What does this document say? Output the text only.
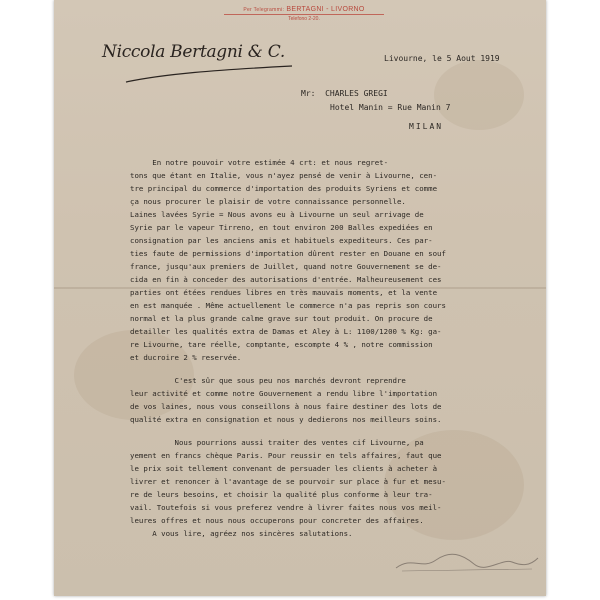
Per Telegrammi: BERTAGNI - LIVORNO
Telefono 2-20.
Niccola Bertagni & C.	Livourne, le 5 Aout 1919
Mr:  CHARLES GREGI
Hotel Manin = Rue Manin 7
MILAN
En notre pouvoir votre estimée 4 crt: et nous regret-
tons que étant en Italie, vous n'ayez pensé de venir à Livourne, cen-
tre principal du commerce d'importation des produits Syriens et comme
ça nous procurer le plaisir de votre connaissance personnelle.
Laines lavées Syrie = Nous avons eu à Livourne un seul arrivage de
Syrie par le vapeur Tirreno, en tout environ 200 Balles expediées en
consignation par les anciens amis et habituels expediteurs. Ces par-
ties faute de permissions d'importation dûrent rester en Douane en souf
france, jusqu'aux premiers de Juillet, quand notre Gouvernement se de-
cida en fin à conceder des autorisations d'entrée. Malheureusement ces
parties ont étées rendues libres en très mauvais moments, et la vente
en est manquée . Même actuellement le commerce n'a pas repris son cours
normal et la plus grande calme grave sur tout produit. On procure de
detailler les qualités extra de Damas et Aley à L: 1100/1200 % Kg: ga-
re Livourne, tare réelle, comptante, escompte 4 % , notre commission
et ducroire 2 % reservée.
C'est sûr que sous peu nos marchés devront reprendre
leur activité et comme notre Gouvernement a rendu libre l'importation
de vos laines, nous vous conseillons à nous faire destiner des lots de
qualité extra en consignation et nous y dedierons nos meilleurs soins.
Nous pourrions aussi traiter des ventes cif Livourne, pa
yement en francs chèque Paris. Pour reussir en tels affaires, faut que
le prix soit tellement convenant de persuader les clients à acheter à
livrer et renoncer à l'avantage de se pourvoir sur place à fur et mesu-
re de leurs besoins, et choisir la qualité plus conforme à leur tra-
vail. Toutefois si vous preferez vendre à livrer faites nous vos meil-
leures offres et nous nous occuperons pour concreter des affaires.
A vous lire, agréez nos sincères salutations.
